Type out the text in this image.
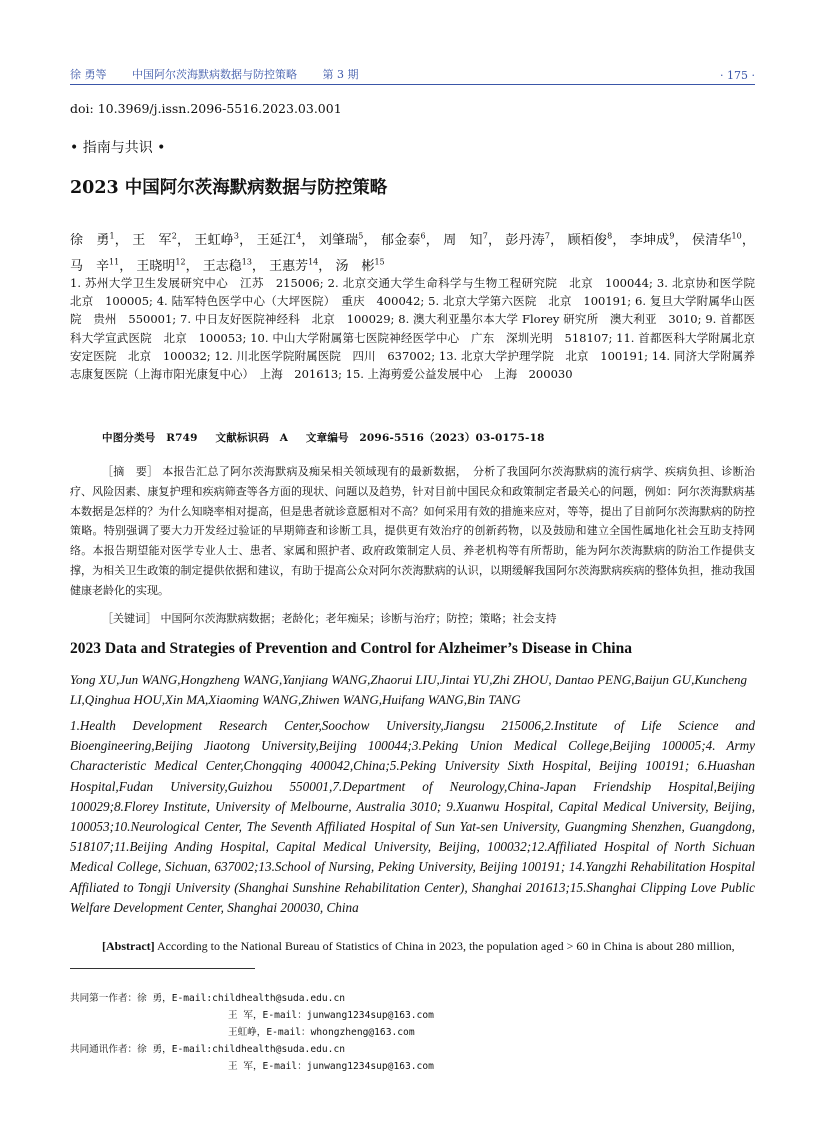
徐 勇等 中国阿尔茨海默病数据与防控策略 第 3 期	· 175 ·
doi: 10.3969/j.issn.2096-5516.2023.03.001
• 指南与共识 •
2023 中国阿尔茨海默病数据与防控策略
徐　勇$^1$， 王　军$^2$， 王虹峥$^3$， 王延江$^4$， 刘肇瑞$^5$， 郁金泰$^6$， 周　知$^7$， 彭丹涛$^7$， 顾栢俊$^8$， 李坤成$^9$， 侯清华$^{10}$， 马　辛$^{11}$， 王晓明$^{12}$， 王志稳$^{13}$， 王惠芳$^{14}$， 汤　彬$^{15}$
1. 苏州大学卫生发展研究中心　江苏　215006; 2. 北京交通大学生命科学与生物工程研究院　北京　100044; 3. 北京协和医学院　北京　100005; 4. 陆军特色医学中心（大坪医院）　重庆　400042; 5. 北京大学第六医院　北京　100191; 6. 复旦大学附属华山医院　贵州　550001; 7. 中日友好医院神经科　北京　100029; 8. 澳大利亚墨尔本大学 Florey 研究所　澳大利亚　3010; 9. 首都医科大学宣武医院　北京　100053; 10. 中山大学附属第七医院神经医学中心　广东　深圳光明　518107; 11. 首都医科大学附属北京安定医院　北京　100032; 12. 川北医学院附属医院　四川　637002; 13. 北京大学护理学院　北京　100191; 14. 同济大学附属养志康复医院（上海市阳光康复中心）　上海　201613; 15. 上海剪爱公益发展中心　上海　200030
中图分类号　R749 文献标识码　A 文章编号　2096-5516（2023）03-0175-18
［摘　要］ 本报告汇总了阿尔茨海默病及痴呆相关领域现有的最新数据，　分析了我国阿尔茨海默病的流行病学、疾病负担、诊断治疗、风险因素、康复护理和疾病筛查等各方面的现状、问题以及趋势，针对目前中国民众和政策制定者最关心的问题，例如：阿尔茨海默病基本数据是怎样的？为什么知晓率相对提高，但是患者就诊意愿相对不高？如何采用有效的措施来应对，等等，提出了目前阿尔茨海默病的防控策略。特别强调了要大力开发经过验证的早期筛查和诊断工具，提供更有效治疗的创新药物，以及鼓励和建立全国性属地化社会互助支持网络。本报告期望能对医学专业人士、患者、家属和照护者、政府政策制定人员、养老机构等有所帮助，能为阿尔茨海默病的防治工作提供支撑，为相关卫生政策的制定提供依据和建议，有助于提高公众对阿尔茨海默病的认识，以期缓解我国阿尔茨海默病疾病的整体负担，推动我国健康老龄化的实现。
［关键词］ 中国阿尔茨海默病数据；老龄化；老年痴呆；诊断与治疗；防控；策略；社会支持
2023 Data and Strategies of Prevention and Control for Alzheimer’s Disease in China
Yong XU,Jun WANG,Hongzheng WANG,Yanjiang WANG,Zhaorui LIU,Jintai YU,Zhi ZHOU, Dantao PENG,Baijun GU,Kuncheng LI,Qinghua HOU,Xin MA,Xiaoming WANG,Zhiwen WANG,Huifang WANG,Bin TANG
1.Health Development Research Center,Soochow University,Jiangsu 215006,2.Institute of Life Science and Bioengineering,Beijing Jiaotong University,Beijing 100044;3.Peking Union Medical College,Beijing 100005;4. Army Characteristic Medical Center,Chongqing 400042,China;5.Peking University Sixth Hospital, Beijing 100191; 6.Huashan Hospital,Fudan University,Guizhou 550001,7.Department of Neurology,China-Japan Friendship Hospital,Beijing 100029;8.Florey Institute, University of Melbourne, Australia 3010; 9.Xuanwu Hospital, Capital Medical University, Beijing, 100053;10.Neurological Center, The Seventh Affiliated Hospital of Sun Yat-sen University, Guangming Shenzhen, Guangdong, 518107;11.Beijing Anding Hospital, Capital Medical University, Beijing, 100032;12.Affiliated Hospital of North Sichuan Medical College, Sichuan, 637002;13.School of Nursing, Peking University, Beijing 100191; 14.Yangzhi Rehabilitation Hospital Affiliated to Tongji University (Shanghai Sunshine Rehabilitation Center), Shanghai 201613;15.Shanghai Clipping Love Public Welfare Development Center, Shanghai 200030, China
[Abstract] According to the National Bureau of Statistics of China in 2023, the population aged > 60 in China is about 280 million,
共同第一作者：徐 勇，E-mail:childhealth@suda.edu.cn
王 军，E-mail：junwang1234sup@163.com
王虹峥，E-mail：whongzheng@163.com
共同通讯作者：徐 勇，E-mail:childhealth@suda.edu.cn
王 军，E-mail：junwang1234sup@163.com
